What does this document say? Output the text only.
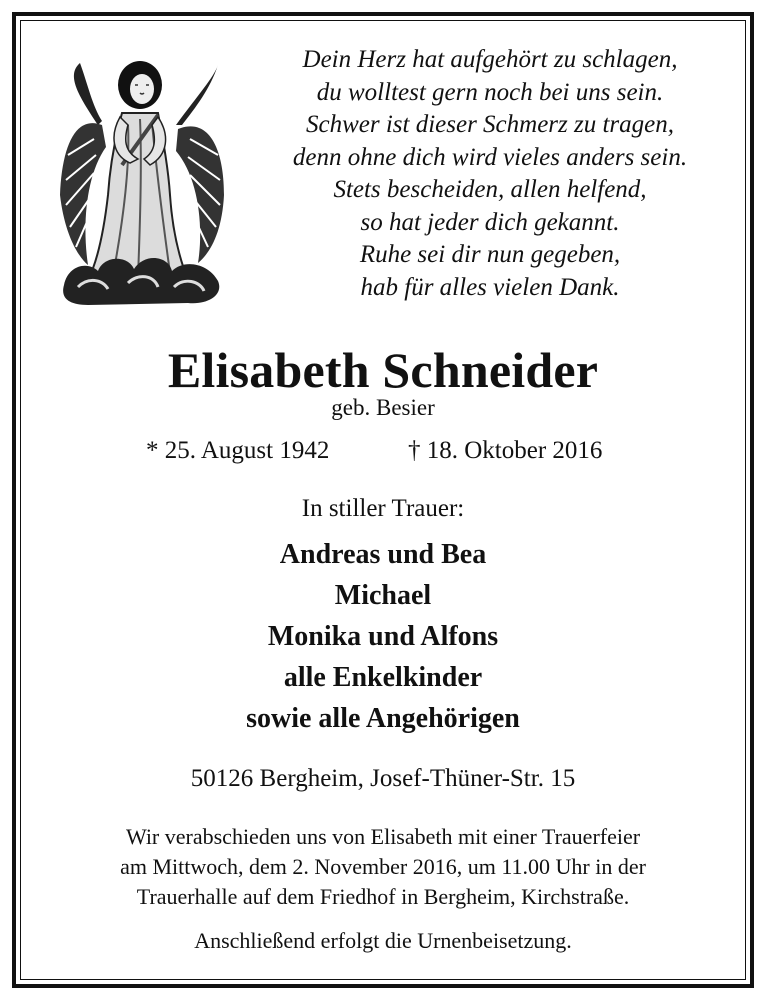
Dein Herz hat aufgehört zu schlagen,
du wolltest gern noch bei uns sein.
Schwer ist dieser Schmerz zu tragen,
denn ohne dich wird vieles anders sein.
Stets bescheiden, allen helfend,
so hat jeder dich gekannt.
Ruhe sei dir nun gegeben,
hab für alles vielen Dank.
Elisabeth Schneider
geb. Besier
* 25. August 1942	† 18. Oktober 2016
In stiller Trauer:
Andreas und Bea
Michael
Monika und Alfons
alle Enkelkinder
sowie alle Angehörigen
50126 Bergheim, Josef-Thüner-Str. 15
Wir verabschieden uns von Elisabeth mit einer Trauerfeier
am Mittwoch, dem 2. November 2016, um 11.00 Uhr in der
Trauerhalle auf dem Friedhof in Bergheim, Kirchstraße.
Anschließend erfolgt die Urnenbeisetzung.
